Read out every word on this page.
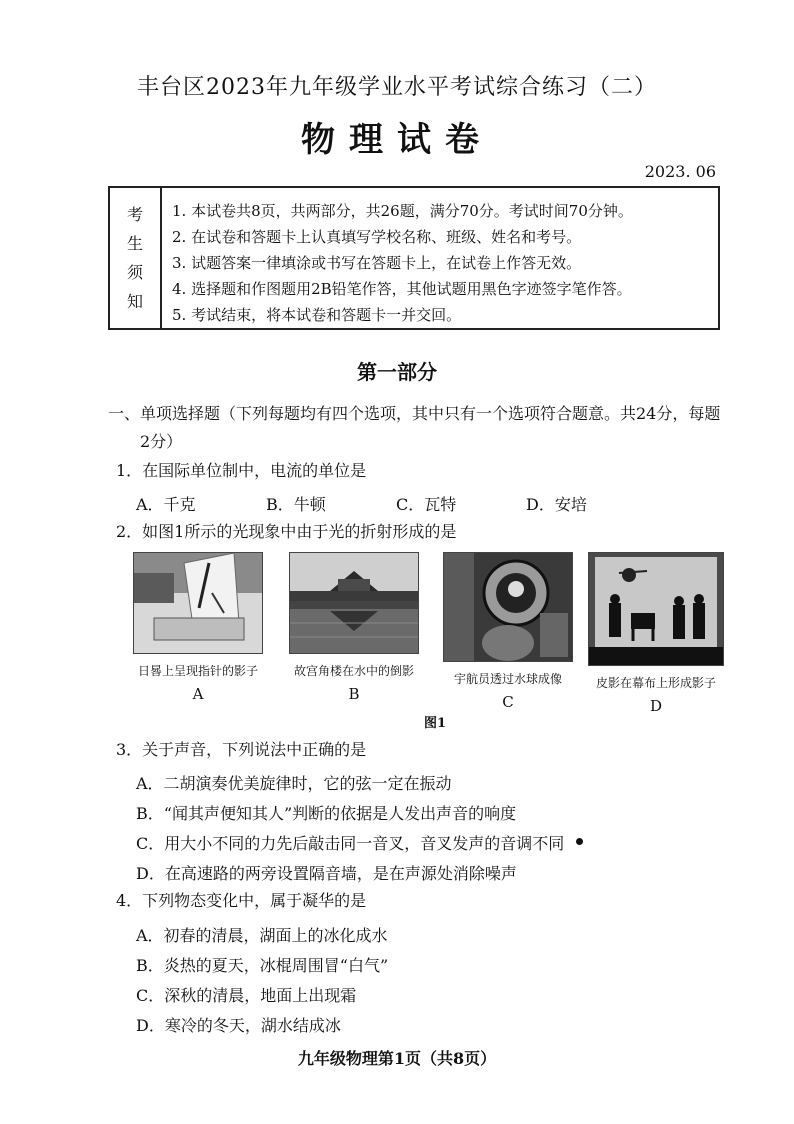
丰台区2023年九年级学业水平考试综合练习（二）
物理试卷
2023. 06
考
生
须
知
1. 本试卷共8页，共两部分，共26题，满分70分。考试时间70分钟。
2. 在试卷和答题卡上认真填写学校名称、班级、姓名和考号。
3. 试题答案一律填涂或书写在答题卡上，在试卷上作答无效。
4. 选择题和作图题用2B铅笔作答，其他试题用黑色字迹签字笔作答。
5. 考试结束，将本试卷和答题卡一并交回。
第一部分
一、单项选择题（下列每题均有四个选项，其中只有一个选项符合题意。共24分，每题
2分）
1．在国际单位制中，电流的单位是
A．千克	B．牛顿	C．瓦特	D．安培
2．如图1所示的光现象中由于光的折射形成的是
日晷上呈现指针的影子
A
故宫角楼在水中的倒影
B
宇航员透过水球成像
C
皮影在幕布上形成影子
D
图1
3．关于声音，下列说法中正确的是
A．二胡演奏优美旋律时，它的弦一定在振动
B．“闻其声便知其人”判断的依据是人发出声音的响度
C．用大小不同的力先后敲击同一音叉，音叉发声的音调不同
D．在高速路的两旁设置隔音墙，是在声源处消除噪声
4．下列物态变化中，属于凝华的是
A．初春的清晨，湖面上的冰化成水
B．炎热的夏天，冰棍周围冒“白气”
C．深秋的清晨，地面上出现霜
D．寒冷的冬天，湖水结成冰
九年级物理第1页（共8页）
